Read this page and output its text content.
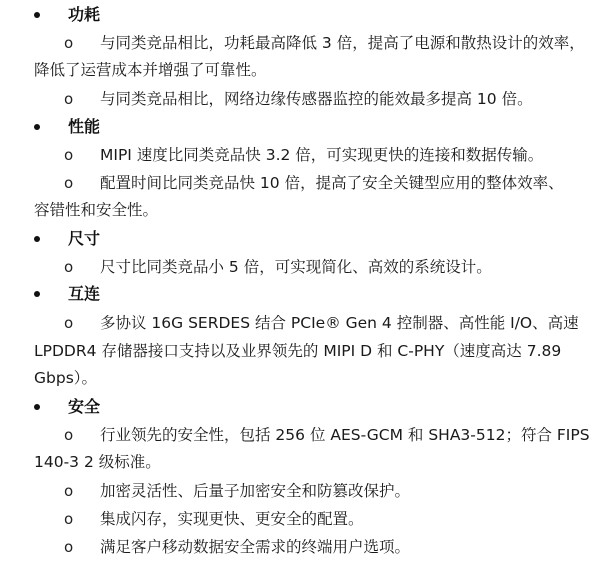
功耗
o 与同类竞品相比，功耗最高降低 3 倍，提高了电源和散热设计的效率，
降低了运营成本并增强了可靠性。
o 与同类竞品相比，网络边缘传感器监控的能效最多提高 10 倍。
性能
o MIPI 速度比同类竞品快 3.2 倍，可实现更快的连接和数据传输。
o 配置时间比同类竞品快 10 倍，提高了安全关键型应用的整体效率、
容错性和安全性。
尺寸
o 尺寸比同类竞品小 5 倍，可实现简化、高效的系统设计。
互连
o 多协议 16G SERDES 结合 PCIe® Gen 4 控制器、高性能 I/O、高速
LPDDR4 存储器接口支持以及业界领先的 MIPI D 和 C-PHY（速度高达 7.89
Gbps）。
安全
o 行业领先的安全性，包括 256 位 AES-GCM 和 SHA3-512；符合 FIPS
140-3 2 级标准。
o 加密灵活性、后量子加密安全和防篡改保护。
o 集成闪存，实现更快、更安全的配置。
o 满足客户移动数据安全需求的终端用户选项。
